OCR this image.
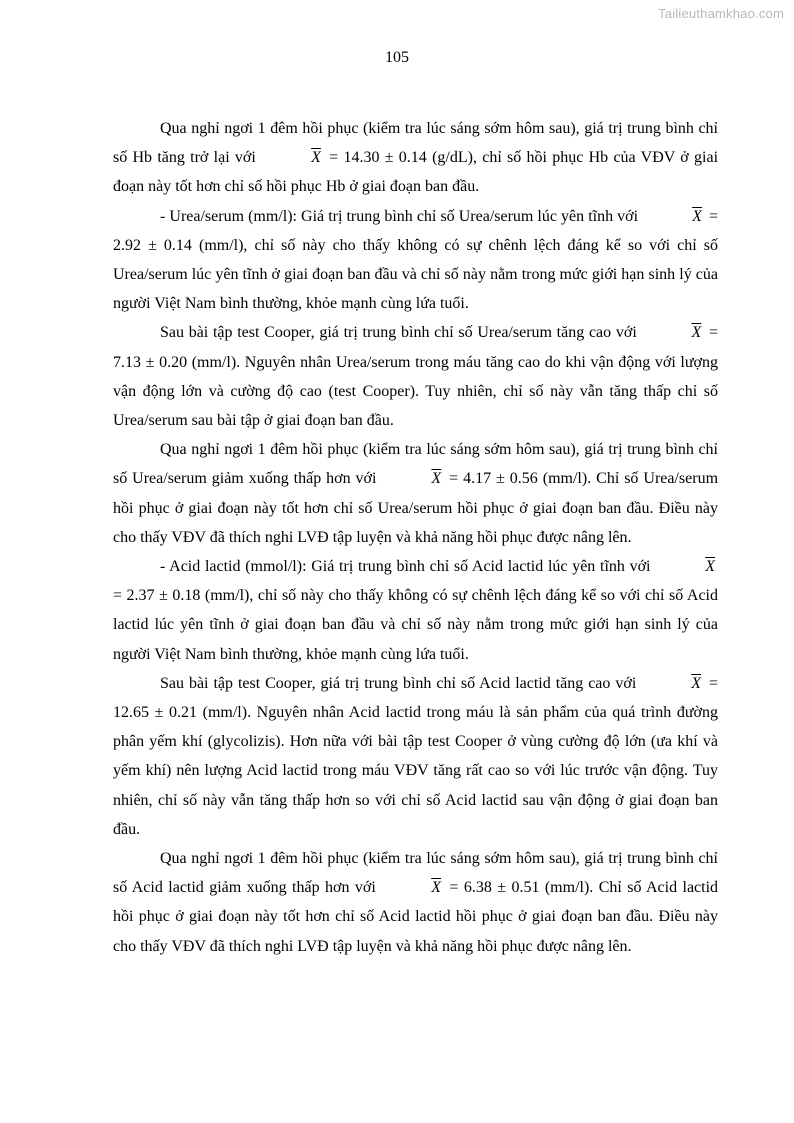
Tailieuthamkhao.com
105

Qua nghỉ ngơi 1 đêm hồi phục (kiểm tra lúc sáng sớm hôm sau), giá trị trung bình chỉ số Hb tăng trở lại với	$\overline{X} = 14.30 \pm 0.14$ (g/dL), chỉ số hồi phục Hb của VĐV ở giai đoạn này tốt hơn chỉ số hồi phục Hb ở giai đoạn ban đầu.

- Urea/serum (mm/l): Giá trị trung bình chỉ số Urea/serum lúc yên tĩnh với	$\overline{X} = 2.92 \pm 0.14$ (mm/l), chỉ số này cho thấy không có sự chênh lệch đáng kể so với chỉ số Urea/serum lúc yên tĩnh ở giai đoạn ban đầu và chỉ số này nằm trong mức giới hạn sinh lý của người Việt Nam bình thường, khỏe mạnh cùng lứa tuổi.

Sau bài tập test Cooper, giá trị trung bình chỉ số Urea/serum tăng cao với	$\overline{X} = 7.13 \pm 0.20$ (mm/l). Nguyên nhân Urea/serum trong máu tăng cao do khi vận động với lượng vận động lớn và cường độ cao (test Cooper). Tuy nhiên, chỉ số này vẫn tăng thấp chỉ số Urea/serum sau bài tập ở giai đoạn ban đầu.

Qua nghỉ ngơi 1 đêm hồi phục (kiểm tra lúc sáng sớm hôm sau), giá trị trung bình chỉ số Urea/serum giảm xuống thấp hơn với	$\overline{X} = 4.17 \pm 0.56$ (mm/l). Chỉ số Urea/serum hồi phục ở giai đoạn này tốt hơn chỉ số Urea/serum hồi phục ở giai đoạn ban đầu. Điều này cho thấy VĐV đã thích nghi LVĐ tập luyện và khả năng hồi phục được nâng lên.

- Acid lactid (mmol/l): Giá trị trung bình chỉ số Acid lactid lúc yên tĩnh với	$\overline{X} = 2.37 \pm 0.18$ (mm/l), chỉ số này cho thấy không có sự chênh lệch đáng kể so với chỉ số Acid lactid lúc yên tĩnh ở giai đoạn ban đầu và chỉ số này nằm trong mức giới hạn sinh lý của người Việt Nam bình thường, khỏe mạnh cùng lứa tuổi.

Sau bài tập test Cooper, giá trị trung bình chỉ số Acid lactid tăng cao với	$\overline{X} = 12.65 \pm 0.21$ (mm/l). Nguyên nhân Acid lactid trong máu là sản phẩm của quá trình đường phân yếm khí (glycolizis). Hơn nữa với bài tập test Cooper ở vùng cường độ lớn (ưa khí và yếm khí) nên lượng Acid lactid trong máu VĐV tăng rất cao so với lúc trước vận động. Tuy nhiên, chỉ số này vẫn tăng thấp hơn so với chỉ số Acid lactid sau vận động ở giai đoạn ban đầu.

Qua nghỉ ngơi 1 đêm hồi phục (kiểm tra lúc sáng sớm hôm sau), giá trị trung bình chỉ số Acid lactid giảm xuống thấp hơn với	$\overline{X} = 6.38 \pm 0.51$ (mm/l). Chỉ số Acid lactid hồi phục ở giai đoạn này tốt hơn chỉ số Acid lactid hồi phục ở giai đoạn ban đầu. Điều này cho thấy VĐV đã thích nghi LVĐ tập luyện và khả năng hồi phục được nâng lên.
